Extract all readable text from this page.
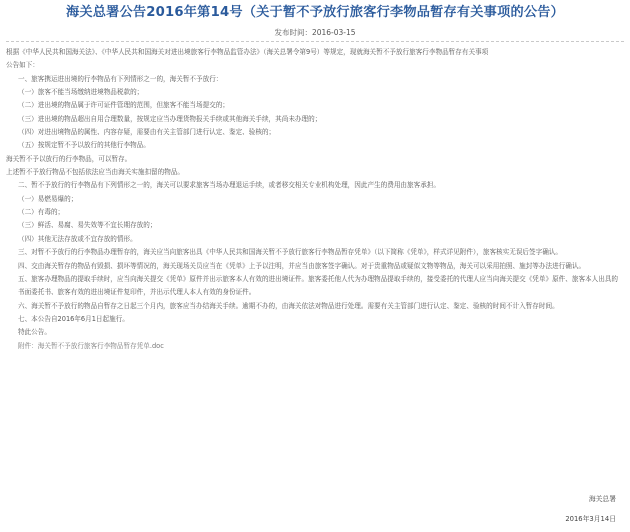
海关总署公告2016年第14号（关于暂不予放行旅客行李物品暂存有关事项的公告）
发布时间：2016-03-15
根据《中华人民共和国海关法》、《中华人民共和国海关对进出境旅客行李物品监管办法》（海关总署令第9号）等规定，现就海关暂不予放行旅客行李物品暂存有关事项
公告如下：
一、旅客携运进出境的行李物品有下列情形之一的，海关暂不予放行：
（一）旅客不能当场缴纳进境物品税款的；
（二）进出境的物品属于许可证件管理的范围，但旅客不能当场提交的；
（三）进出境的物品超出自用合理数量，按规定应当办理货物报关手续或其他海关手续，其尚未办理的；
（四）对进出境物品的属性、内容存疑，需要由有关主管部门进行认定、鉴定、验核的；
（五）按规定暂不予以放行的其他行李物品。
海关暂不予以放行的行李物品，可以暂存。
上述暂不予放行物品不包括依法应当由海关实施扣留的物品。
二、暂不予放行的行李物品有下列情形之一的，海关可以要求旅客当场办理退运手续，或者移交相关专业机构处理，因此产生的费用由旅客承担。
（一）易燃易爆的；
（二）有毒的；
（三）鲜活、易腐、易失效等不宜长期存放的；
（四）其他无法存放或不宜存放的情形。
三、对暂不予放行的行李物品办理暂存的，海关应当向旅客出具《中华人民共和国海关暂不予放行旅客行李物品暂存凭单》（以下简称《凭单》，样式详见附件），旅客核实无误后签字确认。
四、交由海关暂存的物品有毁损、损坏等情况的，海关现场关员应当在《凭单》上予以注明，并应当由旅客签字确认。对于贵重物品或疑似文物等物品，海关可以采用拍照、施封等办法进行确认。
五、旅客办理物品的提取手续时，应当向海关提交《凭单》原件并出示旅客本人有效的进出境证件。旅客委托他人代为办理物品提取手续的，接受委托的代理人应当向海关提交《凭单》原件、旅客本人出具的书面委托书、旅客有效的进出境证件复印件，并出示代理人本人有效的身份证件。
六、海关暂不予放行的物品自暂存之日起三个月内，旅客应当办结海关手续。逾期不办的，由海关依法对物品进行处理。需要有关主管部门进行认定、鉴定、验核的时间不计入暂存时间。
七、本公告自2016年6月1日起施行。
特此公告。
附件：海关暂不予放行旅客行李物品暂存凭单.doc
海关总署
2016年3月14日
